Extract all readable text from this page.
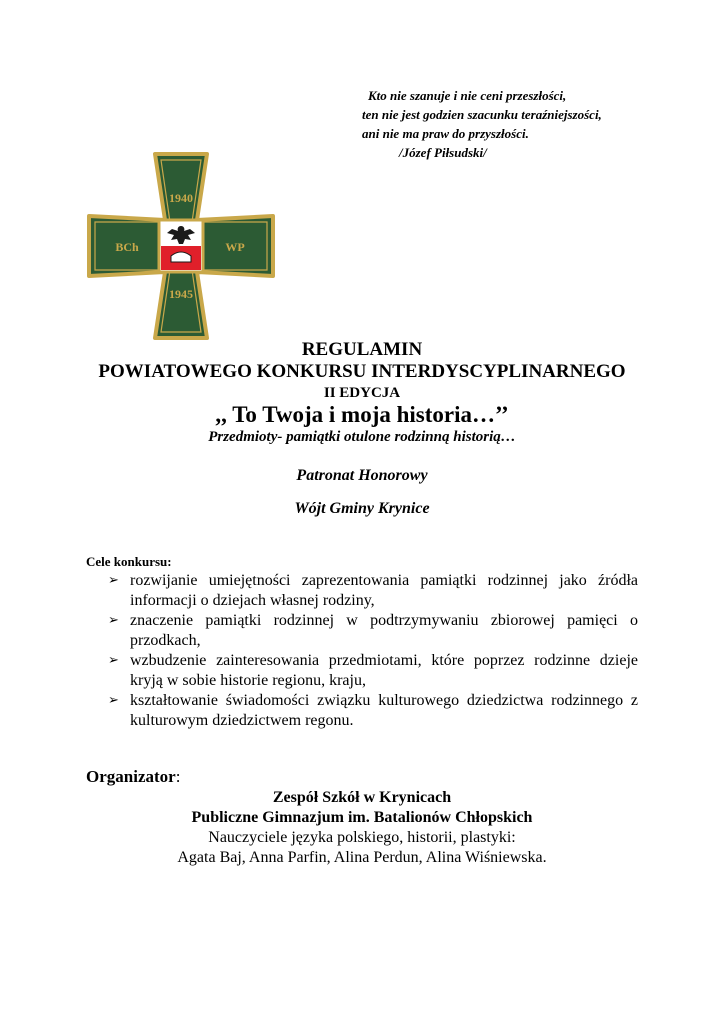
Kto nie szanuje i nie ceni przeszłości,
ten nie jest godzien szacunku teraźniejszości,
ani nie ma praw do przyszłości.
/Józef Piłsudski/
1940
1945
BCh	WP
REGULAMIN
POWIATOWEGO KONKURSU INTERDYSCYPLINARNEGO
II EDYCJA
,, To Twoja i moja historia…’’
Przedmioty- pamiątki otulone rodzinną historią…
Patronat Honorowy
Wójt Gminy Krynice
Cele konkursu:
➢ rozwijanie umiejętności zaprezentowania pamiątki rodzinnej jako źródła informacji o dziejach własnej rodziny,
➢ znaczenie pamiątki rodzinnej w podtrzymywaniu zbiorowej pamięci o przodkach,
➢ wzbudzenie zainteresowania przedmiotami, które poprzez rodzinne dzieje kryją w sobie historie regionu, kraju,
➢ kształtowanie świadomości związku kulturowego dziedzictwa rodzinnego z kulturowym dziedzictwem regonu.
Organizator:
Zespół Szkół w Krynicach
Publiczne Gimnazjum im. Batalionów Chłopskich
Nauczyciele języka polskiego, historii, plastyki:
Agata Baj, Anna Parfin, Alina Perdun, Alina Wiśniewska.
